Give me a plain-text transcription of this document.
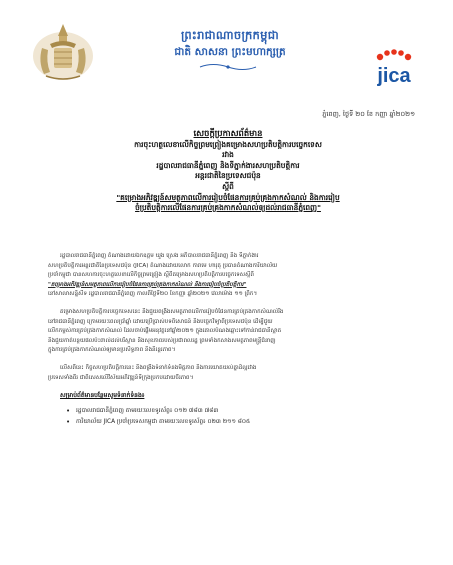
ព្រះរាជាណាចក្រកម្ពុជា
ជាតិ សាសនា ព្រះមហាក្សត្រ
jica
ភ្នំពេញ, ថ្ងៃទី ២០ ខែ កញ្ញា ឆ្នាំ២០២១
សេចក្ដីប្រកាសព័ត៌មាន
ការចុះហត្ថលេខាលើកិច្ចព្រមព្រៀងគម្រោងសហប្រតិបត្តិការបច្ចេកទេស
រវាង
រដ្ឋបាលរាជធានីភ្នំពេញ និងទីភ្នាក់ងារសហប្រតិបត្តិការ
អន្តរជាតិនៃប្រទេសជប៉ុន
ស្ដីពី
"គម្រោងអភិវឌ្ឍន៍សមត្ថភាពលើការរៀបចំផែនការគ្រប់គ្រងកាកសំណល់ និងការរៀប
ចំប្រតិបត្តិការលើផែនការគ្រប់គ្រងកាកសំណល់ឲ្យដល់រាជធានីភ្នំពេញ"

រដ្ឋបាលរាជធានីភ្នំពេញ តំណាងដោយឯកឧត្តម ឃួង ស្រេង អភិបាលរាជធានីភ្នំពេញ និង ទីភ្នាក់ងារ
សហប្រតិបត្តិការអន្តរជាតិនៃប្រទេសជប៉ុន (JICA) តំណាងដោយលោក ការាមេ ហារុគុ ប្រធានតំណាងការិយាល័យ
ប្រចាំកម្ពុជា បានសហការចុះហត្ថលេខាលើកិច្ចព្រមព្រៀង ស្ដីពីគម្រោងសហប្រតិបត្តិការបច្ចេកទេសស្ដីពី
"គម្រោងអភិវឌ្ឍន៍សមត្ថភាពលើការរៀបចំផែនការគ្រប់គ្រងកាកសំណល់ និងការរៀបចំប្រតិបត្តិការ"
នៅសាលាសន្និសីទ រដ្ឋបាលរាជធានីភ្នំពេញ កាលពីថ្ងៃទី២០ ខែកញ្ញា ឆ្នាំ២០២១ វេលាម៉ោង ១១ ព្រឹក។

គម្រោងសហប្រតិបត្តិការបច្ចេកទេសនេះ នឹងជួយពង្រឹងសមត្ថភាពលើការរៀបចំផែនការគ្រប់គ្រងកាកសំណល់រឹង
នៅរាជធានីភ្នំពេញ ក្រោមរយៈពេលប្រាំឆ្នាំ ដោយប្រើប្រាស់បទពិសោធន៍ និងបច្ចេកវិទ្យាពីប្រទេសជប៉ុន ដើម្បីជួយ
លើកកម្ពស់ការគ្រប់គ្រងកាកសំណល់ ដែលចាប់ផ្ដើមអនុវត្តនៅឆ្នាំ២០២១ ក្នុងគោលបំណងឆ្ពោះទៅកាន់រាជធានីស្អាត
និងជួយកាត់បន្ថយផលប៉ះពាល់ដល់បរិស្ថាន និងសុខភាពរបស់ប្រជាពលរដ្ឋ ព្រមទាំងកសាងសមត្ថភាពមន្ត្រីជំនាញ
ក្នុងការគ្រប់គ្រងកាកសំណល់ឲ្យមានប្រសិទ្ធភាព និងនិរន្តរភាព។

លើសពីនេះ កិច្ចសហប្រតិបត្តិការនេះ នឹងពង្រឹងទំនាក់ទំនងមិត្តភាព និងការយោគយល់គ្នាដ៏ល្អរវាង
ប្រទេសទាំងពីរ ជាពិសេសលើវិស័យអភិវឌ្ឍន៍ទីក្រុងប្រកបដោយចីរភាព។

សម្រាប់ព័ត៌មានបន្ថែមសូមទំនាក់ទំនង៖
• រដ្ឋបាលរាជធានីភ្នំពេញ តាមរយៈលេខទូរស័ព្ទ៖ ០១២ ៧៨៣ ៧៨៣
• ការិយាល័យ JICA ប្រចាំប្រទេសកម្ពុជា តាមរយៈលេខទូរស័ព្ទ៖ ០២៣ ២១១ ៨០៥
